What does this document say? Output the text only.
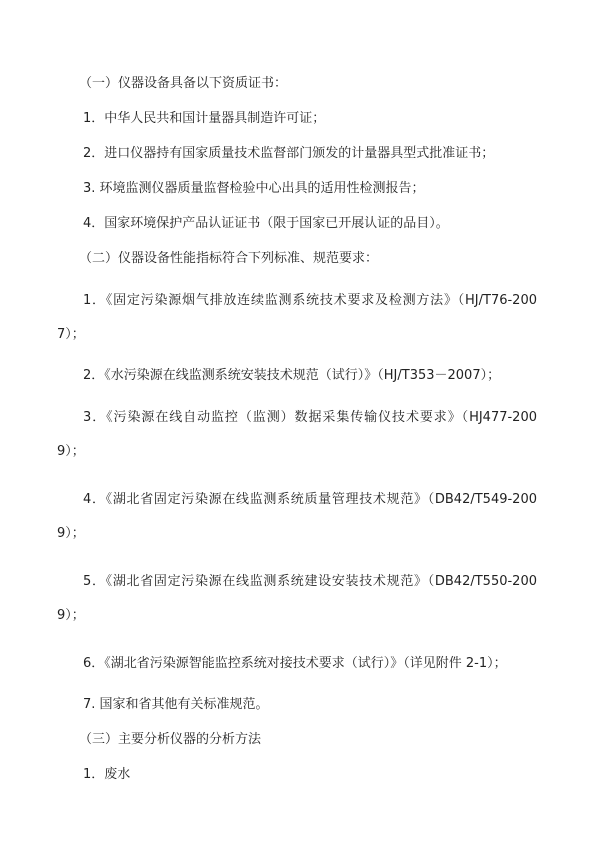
（一）仪器设备具备以下资质证书：

1．中华人民共和国计量器具制造许可证；

2．进口仪器持有国家质量技术监督部门颁发的计量器具型式批准证书；

3. 环境监测仪器质量监督检验中心出具的适用性检测报告；

4．国家环境保护产品认证证书（限于国家已开展认证的品目）。

（二）仪器设备性能指标符合下列标准、规范要求：

1．《固定污染源烟气排放连续监测系统技术要求及检测方法》（HJ/T76-2007）；

2．《水污染源在线监测系统安装技术规范（试行）》（HJ/T353－2007）；

3．《污染源在线自动监控（监测）数据采集传输仪技术要求》（HJ477-2009）；

4．《湖北省固定污染源在线监测系统质量管理技术规范》（DB42/T549-2009）；

5．《湖北省固定污染源在线监测系统建设安装技术规范》（DB42/T550-2009）；

6．《湖北省污染源智能监控系统对接技术要求（试行）》（详见附件 2-1）；

7. 国家和省其他有关标准规范。

（三）主要分析仪器的分析方法

1．废水
